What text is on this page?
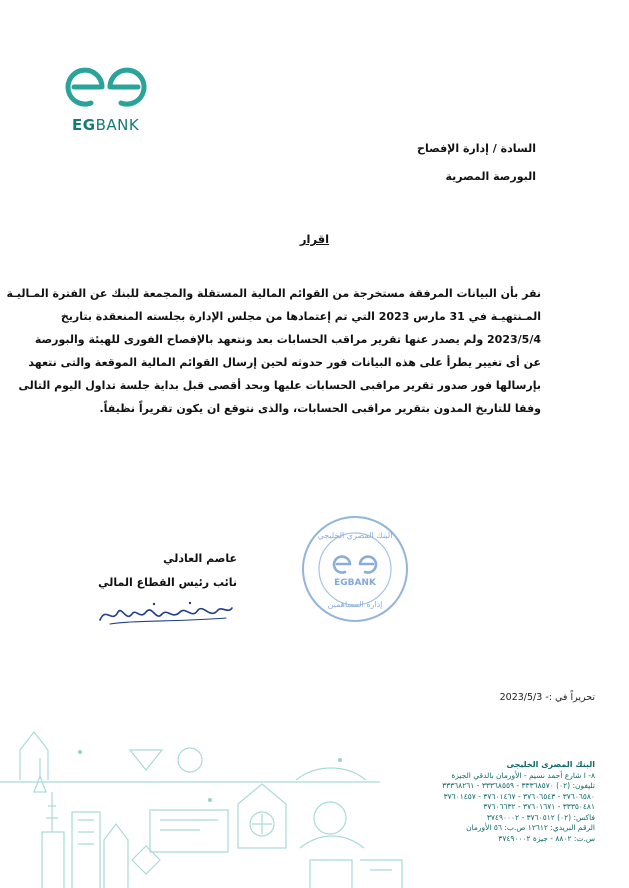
EGBANK
السادة / إدارة الإفصاح
البورصة المصرية
اقرار
نقر بأن البيانات المرفقة مستخرجة من القوائم المالية المستقلة والمجمعة للبنك عن الفترة المـاليـة
المـنتهيـة في 31 مارس 2023 التي تم إعتمادها من مجلس الإدارة بجلسته المنعقدة بتاريخ
2023/5/4 ولم يصدر عنها تقرير مراقب الحسابات بعد ونتعهد بالإفصاح الفورى للهيئة والبورصة
عن أى تغيير يطرأ على هذه البيانات فور حدوثه لحين إرسال القوائم المالية الموقعة والتى نتعهد
بإرسالها فور صدور تقرير مراقبى الحسابات عليها وبحد أقصى قبل بداية جلسة تداول اليوم التالى
وفقا للتاريخ المدون بتقرير مراقبى الحسابات، والذى نتوقع ان يكون تقريراً نظيفاً.
عاصم العادلي
نائب رئيس القطاع المالي
البنك المصري الخليجي
EGBANK
إدارة المساهمين
تحريراً في :- 2023/5/3
البنك المصرى الخليجى
٨- ا شارع أحمد نسيم - الأورمان بالدقي الجيزة
تليفون: (٠٢) ٣٣٣٦٨٥٧٠ - ٣٣٣٦٨٥٥٩ - ٣٣٣٦٨٢٦١
٣٧٦٠٦٥٨٠ - ٣٧٦٠٦٥٤٣ - ٣٧٦٠١٤٦٧ - ٣٧٦٠١٤٥٧
٣٣٣٥٠٤٨١ - ٣٧٦٠١٦٧١ - ٣٧٦٠٦٦٣٢
فاكس: (٠٢) ٣٧٦٠٥١٢ - ٣٧٤٩٠٠٠٢
الرقم البريدي: ١٢٦١٢ ص.ب: ٥٦ الأورمان
س.ت: ٨٨٠٢ - جيزة ٣٧٤٩٠٠٠٢
